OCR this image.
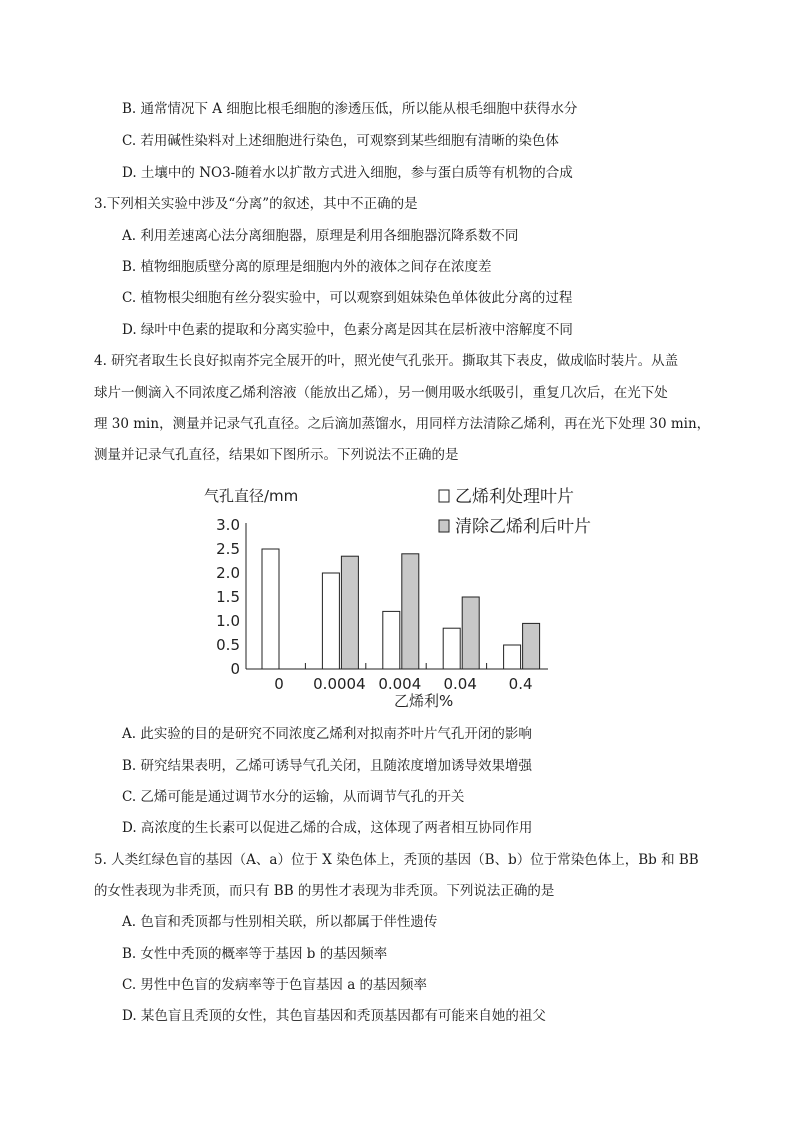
B. 通常情况下 A 细胞比根毛细胞的渗透压低，所以能从根毛细胞中获得水分
C. 若用碱性染料对上述细胞进行染色，可观察到某些细胞有清晰的染色体
D. 土壤中的 NO3-随着水以扩散方式进入细胞，参与蛋白质等有机物的合成
3.下列相关实验中涉及“分离”的叙述，其中不正确的是
A. 利用差速离心法分离细胞器，原理是利用各细胞器沉降系数不同
B. 植物细胞质壁分离的原理是细胞内外的液体之间存在浓度差
C. 植物根尖细胞有丝分裂实验中，可以观察到姐妹染色单体彼此分离的过程
D. 绿叶中色素的提取和分离实验中，色素分离是因其在层析液中溶解度不同
4. 研究者取生长良好拟南芥完全展开的叶，照光使气孔张开。撕取其下表皮，做成临时装片。从盖
球片一侧滴入不同浓度乙烯利溶液（能放出乙烯），另一侧用吸水纸吸引，重复几次后，在光下处
理 30 min，测量并记录气孔直径。之后滴加蒸馏水，用同样方法清除乙烯利，再在光下处理 30 min，
测量并记录气孔直径，结果如下图所示。下列说法不正确的是
气孔直径/mm
乙烯利%
乙烯利处理叶片
清除乙烯利后叶片
3.0
2.5
2.0
1.5
1.0
0.5
0
0 0.0004 0.004 0.04 0.4
A. 此实验的目的是研究不同浓度乙烯利对拟南芥叶片气孔开闭的影响
B. 研究结果表明，乙烯可诱导气孔关闭，且随浓度增加诱导效果增强
C. 乙烯可能是通过调节水分的运输，从而调节气孔的开关
D. 高浓度的生长素可以促进乙烯的合成，这体现了两者相互协同作用
5. 人类红绿色盲的基因（A、a）位于 X 染色体上，秃顶的基因（B、b）位于常染色体上，Bb 和 BB
的女性表现为非秃顶，而只有 BB 的男性才表现为非秃顶。下列说法正确的是
A. 色盲和秃顶都与性别相关联，所以都属于伴性遗传
B. 女性中秃顶的概率等于基因 b 的基因频率
C. 男性中色盲的发病率等于色盲基因 a 的基因频率
D. 某色盲且秃顶的女性，其色盲基因和秃顶基因都有可能来自她的祖父
